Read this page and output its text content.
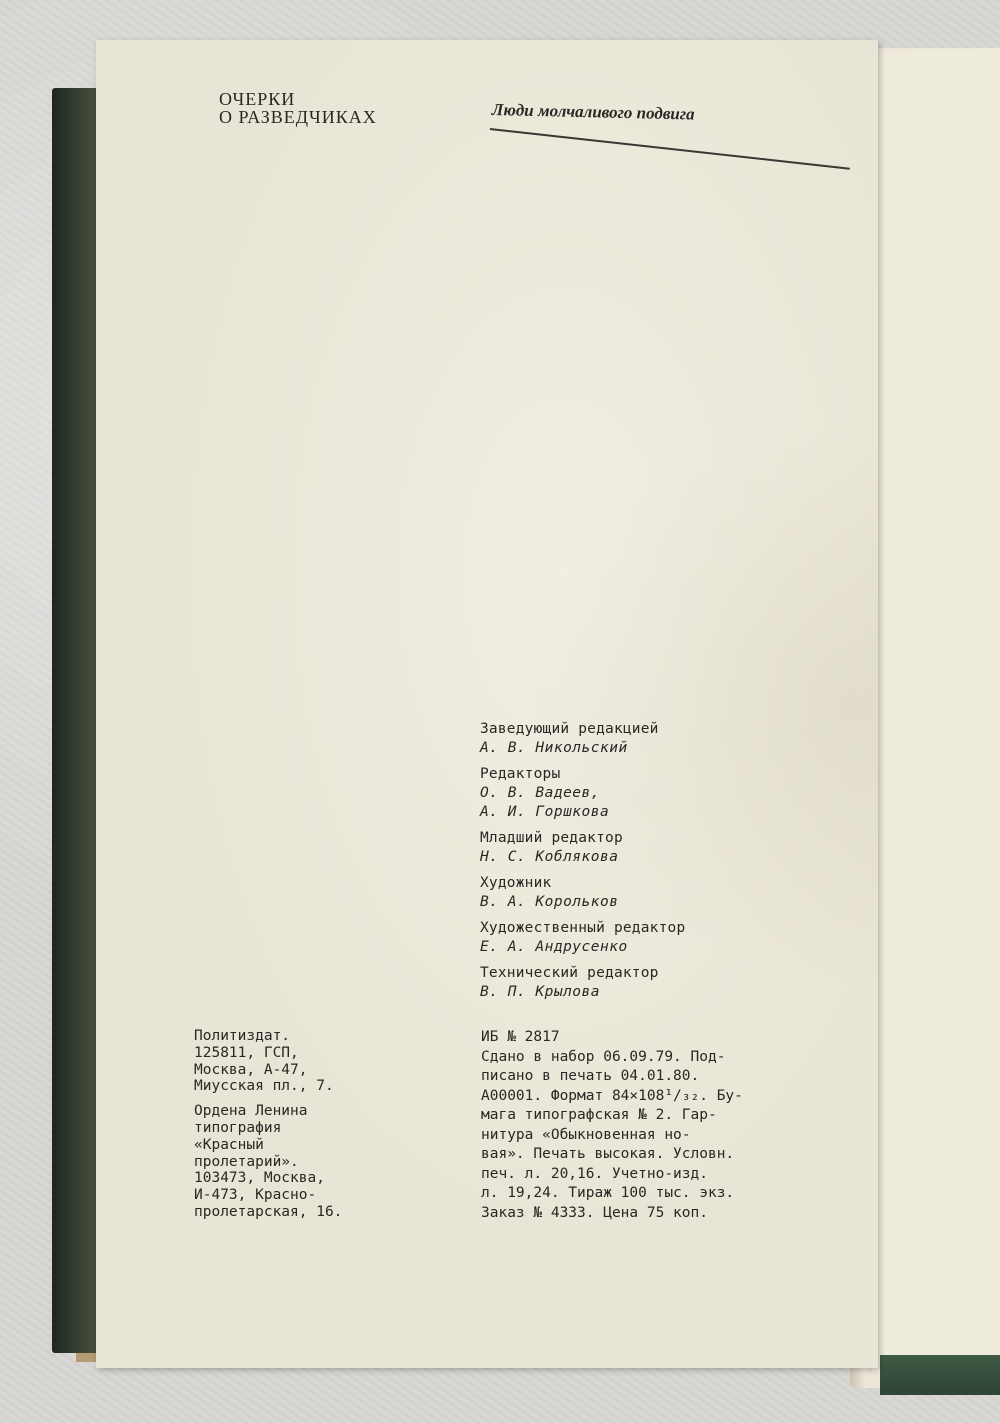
ОЧЕРКИ
О РАЗВЕДЧИКАХ	Люди молчаливого подвига
Заведующий редакцией
А. В. Никольский
Редакторы
О. В. Вадеев,
А. И. Горшкова
Младший редактор
Н. С. Коблякова
Художник
В. А. Корольков
Художественный редактор
Е. А. Андрусенко
Технический редактор
В. П. Крылова
Политиздат.
125811, ГСП,
Москва, А-47,
Миусская пл., 7.
Ордена Ленина
типография
«Красный
пролетарий».
103473, Москва,
И-473, Красно-
пролетарская, 16.
ИБ № 2817
Сдано в набор 06.09.79. Под-
писано в печать 04.01.80.
А00001. Формат 84×108¹/₃₂. Бу-
мага типографская № 2. Гар-
нитура «Обыкновенная но-
вая». Печать высокая. Условн.
печ. л. 20,16. Учетно-изд.
л. 19,24. Тираж 100 тыс. экз.
Заказ № 4333. Цена 75 коп.
